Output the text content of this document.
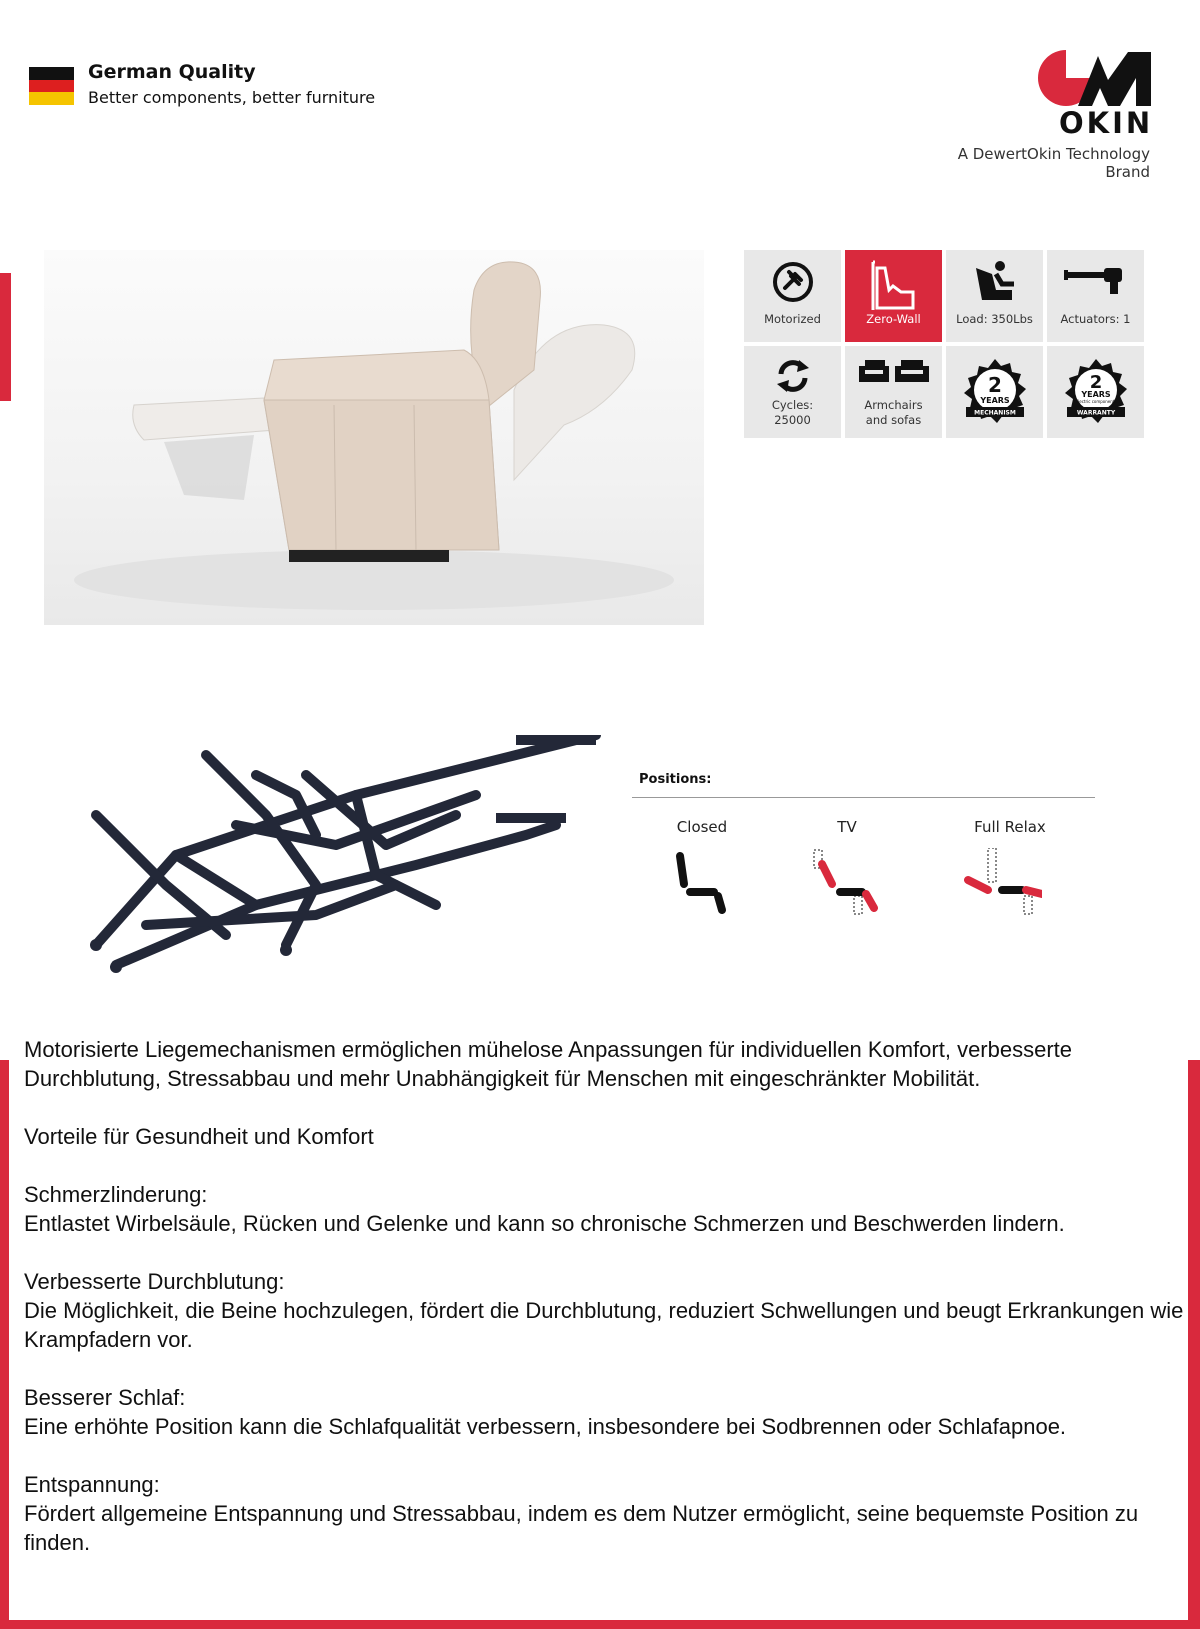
German Quality
Better components, better furniture
OKIN
A DewertOkin Technology Brand
Motorized	Zero-Wall	Load: 350Lbs	Actuators: 1
Cycles:
25000
Armchairs
and sofas
2
YEARS
MECHANISM
2
YEARS
Electric components
WARRANTY
Positions:
Closed	TV	Full Relax

Motorisierte Liegemechanismen ermöglichen mühelose Anpassungen für individuellen Komfort, verbesserte Durchblutung, Stressabbau und mehr Unabhängigkeit für Menschen mit eingeschränkter Mobilität.

Vorteile für Gesundheit und Komfort

Schmerzlinderung:
Entlastet Wirbelsäule, Rücken und Gelenke und kann so chronische Schmerzen und Beschwerden lindern.

Verbesserte Durchblutung:
Die Möglichkeit, die Beine hochzulegen, fördert die Durchblutung, reduziert Schwellungen und beugt Erkrankungen wie Krampfadern vor.

Besserer Schlaf:
Eine erhöhte Position kann die Schlafqualität verbessern, insbesondere bei Sodbrennen oder Schlafapnoe.

Entspannung:
Fördert allgemeine Entspannung und Stressabbau, indem es dem Nutzer ermöglicht, seine bequemste Position zu finden.
